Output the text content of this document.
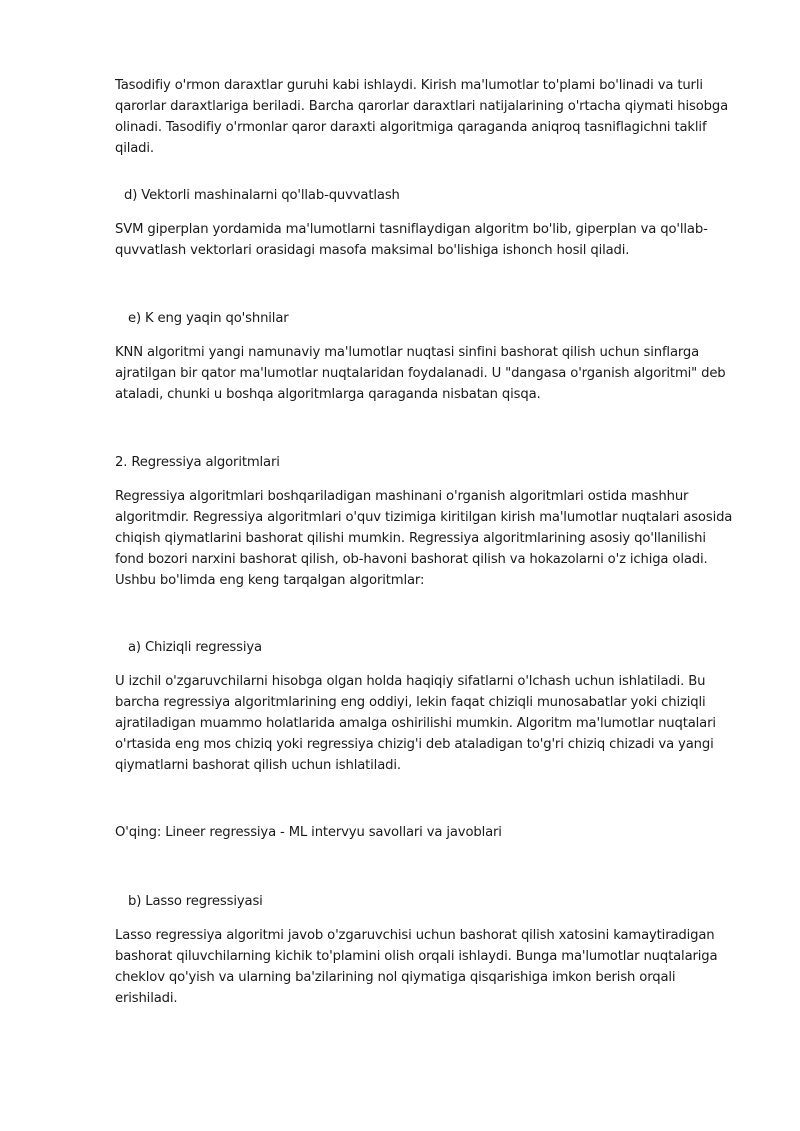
Tasodifiy o'rmon daraxtlar guruhi kabi ishlaydi. Kirish ma'lumotlar to'plami bo'linadi va turli qarorlar daraxtlariga beriladi. Barcha qarorlar daraxtlari natijalarining o'rtacha qiymati hisobga olinadi. Tasodifiy o'rmonlar qaror daraxti algoritmiga qaraganda aniqroq tasniflagichni taklif qiladi.

d) Vektorli mashinalarni qo'llab-quvvatlash

SVM giperplan yordamida ma'lumotlarni tasniflaydigan algoritm bo'lib, giperplan va qo'llab-quvvatlash vektorlari orasidagi masofa maksimal bo'lishiga ishonch hosil qiladi.

e) K eng yaqin qo'shnilar

KNN algoritmi yangi namunaviy ma'lumotlar nuqtasi sinfini bashorat qilish uchun sinflarga ajratilgan bir qator ma'lumotlar nuqtalaridan foydalanadi. U "dangasa o'rganish algoritmi" deb ataladi, chunki u boshqa algoritmlarga qaraganda nisbatan qisqa.

2. Regressiya algoritmlari

Regressiya algoritmlari boshqariladigan mashinani o'rganish algoritmlari ostida mashhur algoritmdir. Regressiya algoritmlari o'quv tizimiga kiritilgan kirish ma'lumotlar nuqtalari asosida chiqish qiymatlarini bashorat qilishi mumkin. Regressiya algoritmlarining asosiy qo'llanilishi fond bozori narxini bashorat qilish, ob-havoni bashorat qilish va hokazolarni o'z ichiga oladi. Ushbu bo'limda eng keng tarqalgan algoritmlar:

a) Chiziqli regressiya

U izchil o'zgaruvchilarni hisobga olgan holda haqiqiy sifatlarni o'lchash uchun ishlatiladi. Bu barcha regressiya algoritmlarining eng oddiyi, lekin faqat chiziqli munosabatlar yoki chiziqli ajratiladigan muammo holatlarida amalga oshirilishi mumkin. Algoritm ma'lumotlar nuqtalari o'rtasida eng mos chiziq yoki regressiya chizig'i deb ataladigan to'g'ri chiziq chizadi va yangi qiymatlarni bashorat qilish uchun ishlatiladi.

O'qing: Lineer regressiya - ML intervyu savollari va javoblari

b) Lasso regressiyasi

Lasso regressiya algoritmi javob o'zgaruvchisi uchun bashorat qilish xatosini kamaytiradigan bashorat qiluvchilarning kichik to'plamini olish orqali ishlaydi. Bunga ma'lumotlar nuqtalariga cheklov qo'yish va ularning ba'zilarining nol qiymatiga qisqarishiga imkon berish orqali erishiladi.
